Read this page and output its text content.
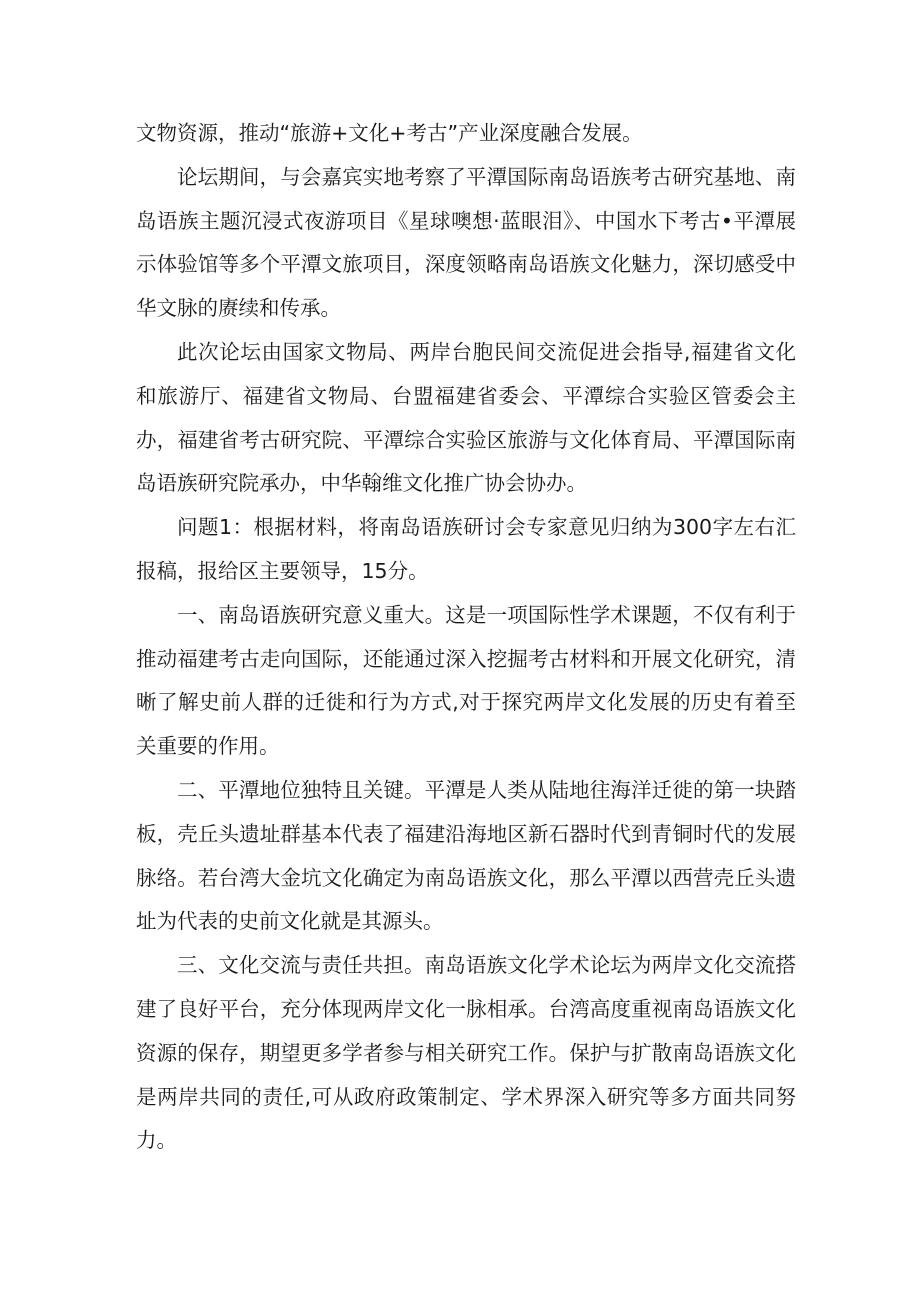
文物资源，推动“旅游+文化+考古”产业深度融合发展。

论坛期间，与会嘉宾实地考察了平潭国际南岛语族考古研究基地、南岛语族主题沉浸式夜游项目《星球噢想·蓝眼泪》、中国水下考古•平潭展示体验馆等多个平潭文旅项目，深度领略南岛语族文化魅力，深切感受中华文脉的赓续和传承。

此次论坛由国家文物局、两岸台胞民间交流促进会指导,福建省文化和旅游厅、福建省文物局、台盟福建省委会、平潭综合实验区管委会主办，福建省考古研究院、平潭综合实验区旅游与文化体育局、平潭国际南岛语族研究院承办，中华翰维文化推广协会协办。

问题1：根据材料，将南岛语族研讨会专家意见归纳为300字左右汇报稿，报给区主要领导，15分。

一、南岛语族研究意义重大。这是一项国际性学术课题，不仅有利于推动福建考古走向国际，还能通过深入挖掘考古材料和开展文化研究，清晰了解史前人群的迁徙和行为方式,对于探究两岸文化发展的历史有着至关重要的作用。

二、平潭地位独特且关键。平潭是人类从陆地往海洋迁徙的第一块踏板，壳丘头遗址群基本代表了福建沿海地区新石器时代到青铜时代的发展脉络。若台湾大金坑文化确定为南岛语族文化，那么平潭以西营壳丘头遗址为代表的史前文化就是其源头。

三、文化交流与责任共担。南岛语族文化学术论坛为两岸文化交流搭建了良好平台，充分体现两岸文化一脉相承。台湾高度重视南岛语族文化资源的保存，期望更多学者参与相关研究工作。保护与扩散南岛语族文化是两岸共同的责任,可从政府政策制定、学术界深入研究等多方面共同努力。
